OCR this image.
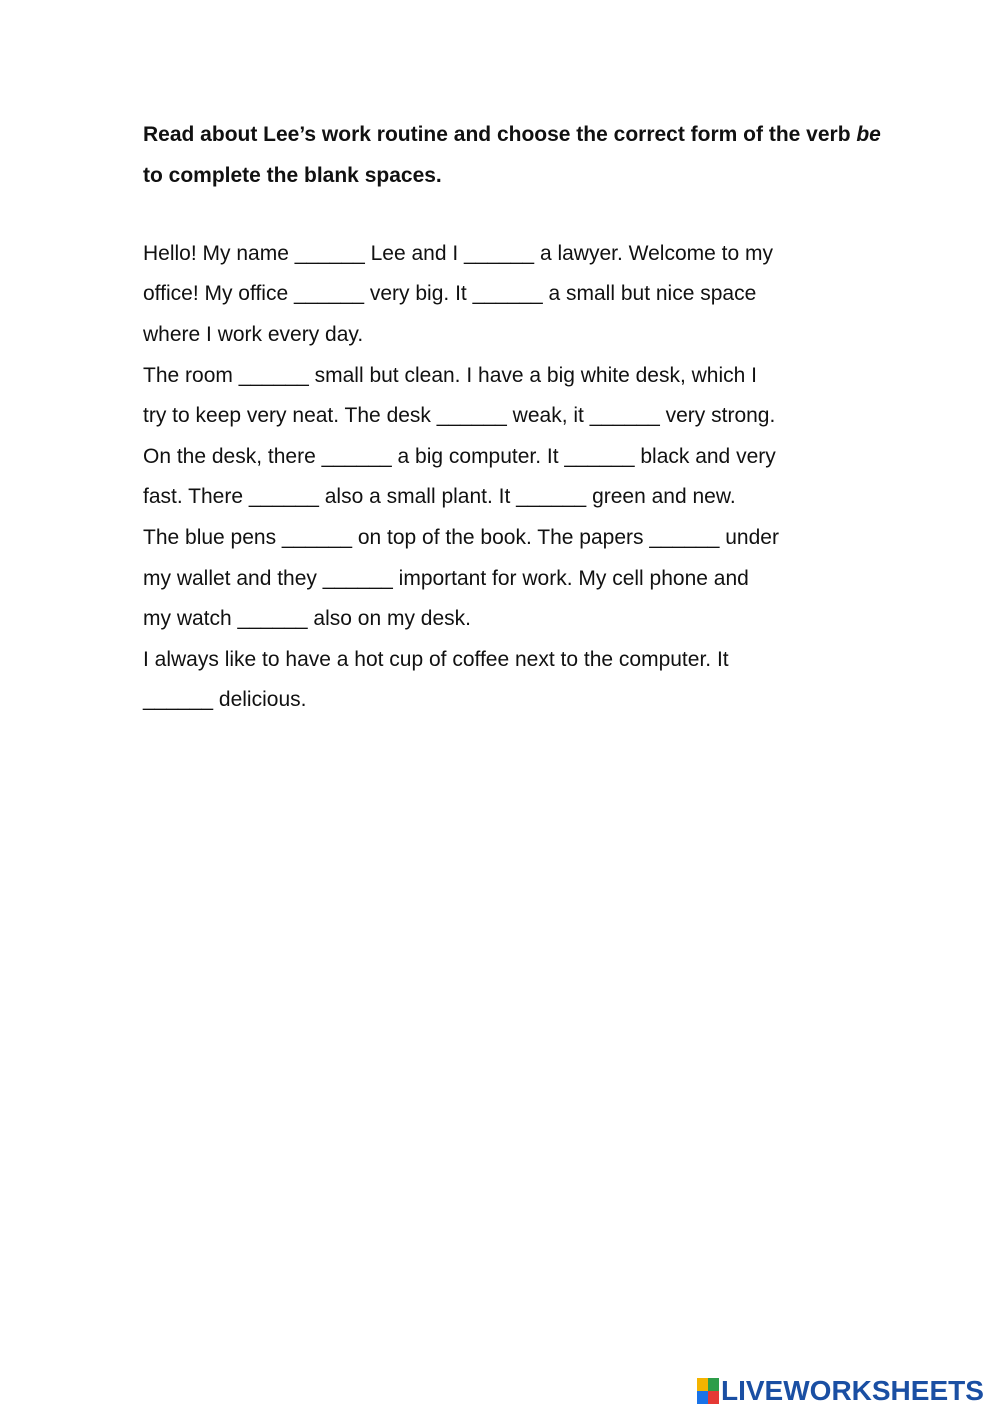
Read about Lee’s work routine and choose the correct form of the verb be to complete the blank spaces.

Hello! My name ______ Lee and I ______ a lawyer. Welcome to my

office! My office ______ very big. It ______ a small but nice space

where I work every day.

The room ______ small but clean. I have a big white desk, which I

try to keep very neat. The desk ______ weak, it ______ very strong.

On the desk, there ______ a big computer. It ______ black and very

fast. There ______ also a small plant. It ______ green and new.

The blue pens ______ on top of the book. The papers ______ under

my wallet and they ______ important for work. My cell phone and

my watch ______ also on my desk.

I always like to have a hot cup of coffee next to the computer. It

______ delicious.

LIVEWORKSHEETS
